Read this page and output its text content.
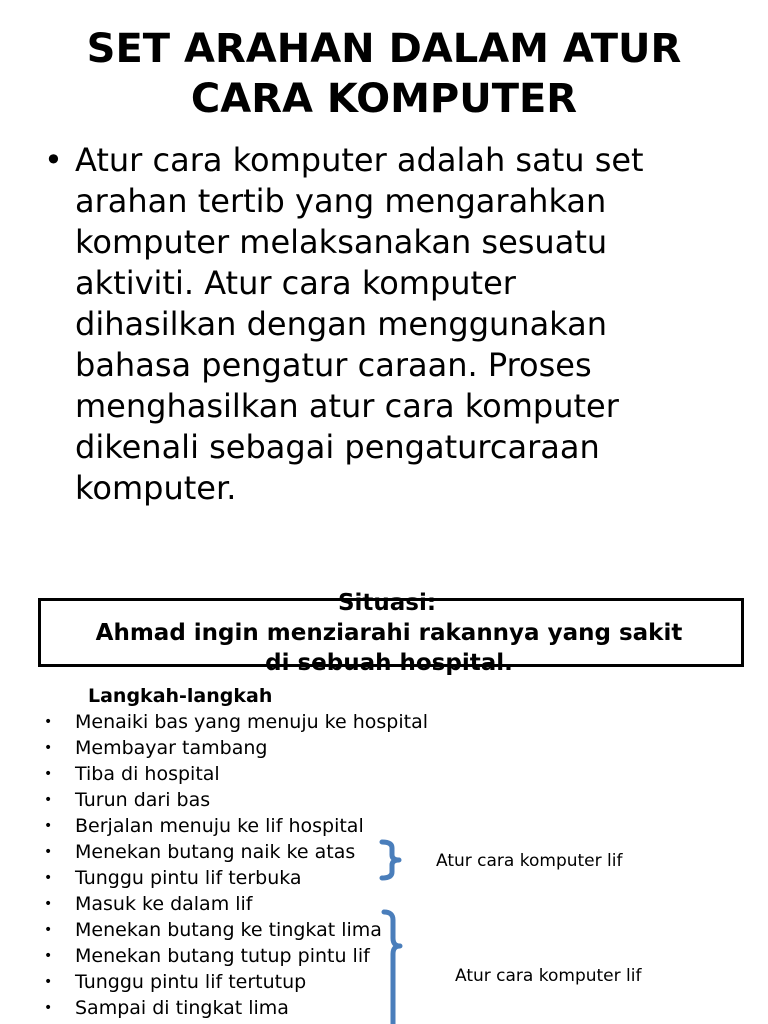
SET ARAHAN DALAM ATUR
CARA KOMPUTER
• Atur cara komputer adalah satu set
arahan tertib yang mengarahkan
komputer melaksanakan sesuatu
aktiviti. Atur cara komputer
dihasilkan dengan menggunakan
bahasa pengatur caraan. Proses
menghasilkan atur cara komputer
dikenali sebagai pengaturcaraan
komputer.
Situasi:
Ahmad ingin menziarahi rakannya yang sakit
di sebuah hospital.
Langkah-langkah
• Menaiki bas yang menuju ke hospital
• Membayar tambang
• Tiba di hospital
• Turun dari bas
• Berjalan menuju ke lif hospital
• Menekan butang naik ke atas
• Tunggu pintu lif terbuka
• Masuk ke dalam lif
• Menekan butang ke tingkat lima
• Menekan butang tutup pintu lif
• Tunggu pintu lif tertutup
• Sampai di tingkat lima
Atur cara komputer lif
Atur cara komputer lif
